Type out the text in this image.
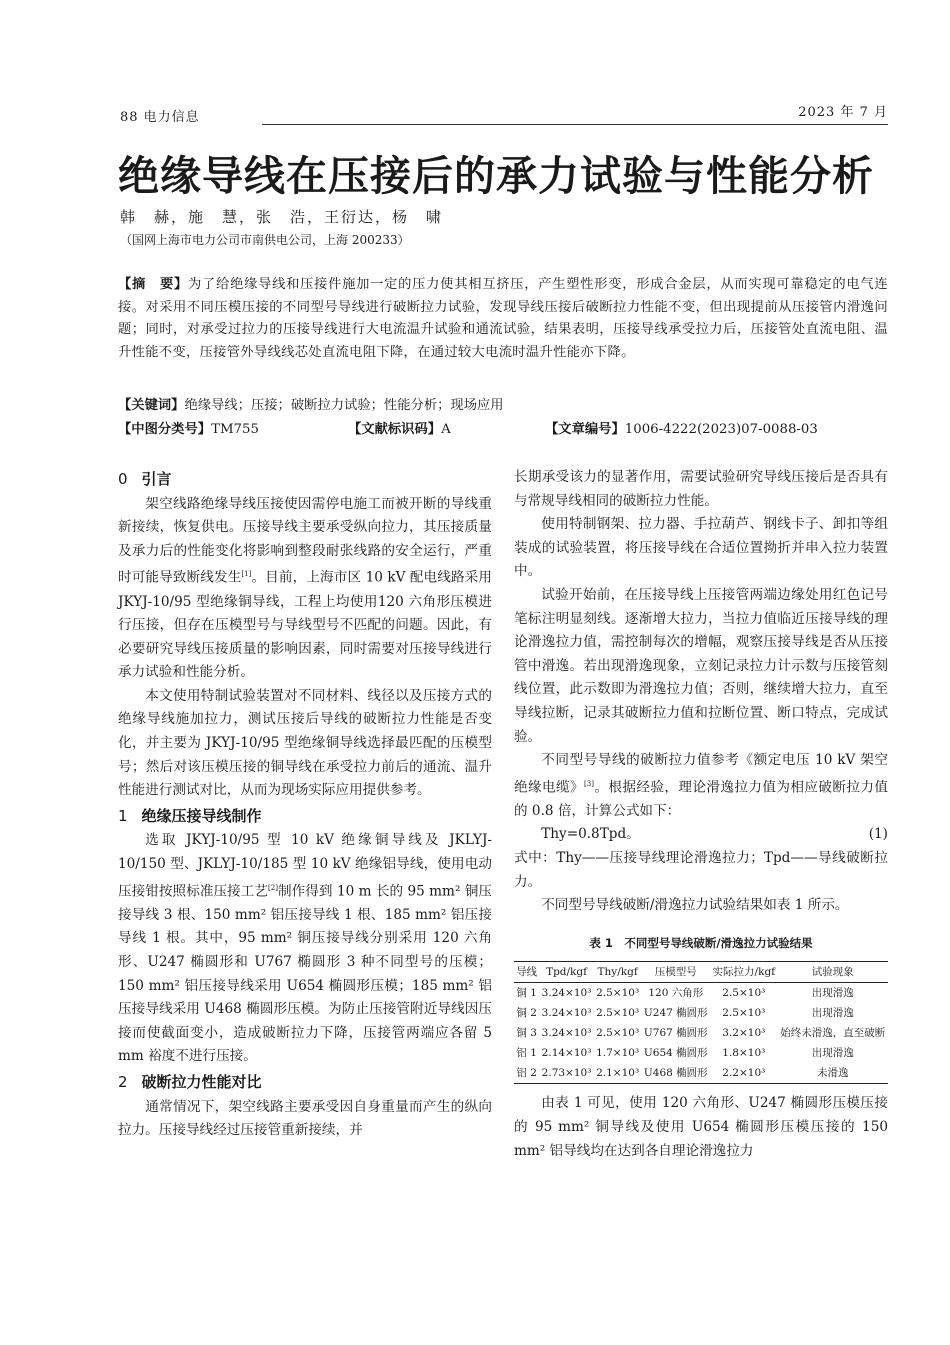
88 电力信息	2023 年 7 月
绝缘导线在压接后的承力试验与性能分析
韩　赫，施　慧，张　浩，王衍达，杨　啸
（国网上海市电力公司市南供电公司，上海 200233）
【摘　要】为了给绝缘导线和压接件施加一定的压力使其相互挤压，产生塑性形变，形成合金层，从而实现可靠稳定的电气连接。对采用不同压模压接的不同型号导线进行破断拉力试验，发现导线压接后破断拉力性能不变，但出现提前从压接管内滑逸问题；同时，对承受过拉力的压接导线进行大电流温升试验和通流试验，结果表明，压接导线承受拉力后，压接管处直流电阻、温升性能不变，压接管外导线线芯处直流电阻下降，在通过较大电流时温升性能亦下降。
【关键词】绝缘导线；压接；破断拉力试验；性能分析；现场应用
【中图分类号】TM755	【文献标识码】A	【文章编号】1006-4222(2023)07-0088-03
0 引言

架空线路绝缘导线压接使因需停电施工而被开断的导线重新接续，恢复供电。压接导线主要承受纵向拉力，其压接质量及承力后的性能变化将影响到整段耐张线路的安全运行，严重时可能导致断线发生[1]。目前，上海市区 10 kV 配电线路采用 JKYJ-10/95 型绝缘铜导线，工程上均使用120 六角形压模进行压接，但存在压模型号与导线型号不匹配的问题。因此，有必要研究导线压接质量的影响因素，同时需要对压接导线进行承力试验和性能分析。

本文使用特制试验装置对不同材料、线径以及压接方式的绝缘导线施加拉力，测试压接后导线的破断拉力性能是否变化，并主要为 JKYJ-10/95 型绝缘铜导线选择最匹配的压模型号；然后对该压模压接的铜导线在承受拉力前后的通流、温升性能进行测试对比，从而为现场实际应用提供参考。

1 绝缘压接导线制作

选取 JKYJ-10/95 型 10 kV 绝缘铜导线及 JKLYJ-10/150 型、JKLYJ-10/185 型 10 kV 绝缘铝导线，使用电动压接钳按照标准压接工艺[2]制作得到 10 m 长的 95 mm² 铜压接导线 3 根、150 mm² 铝压接导线 1 根、185 mm² 铝压接导线 1 根。其中，95 mm² 铜压接导线分别采用 120 六角形、U247 椭圆形和 U767 椭圆形 3 种不同型号的压模；150 mm² 铝压接导线采用 U654 椭圆形压模；185 mm² 铝压接导线采用 U468 椭圆形压模。为防止压接管附近导线因压接而使截面变小，造成破断拉力下降，压接管两端应各留 5 mm 裕度不进行压接。

2 破断拉力性能对比

通常情况下，架空线路主要承受因自身重量而产生的纵向拉力。压接导线经过压接管重新接续，并

长期承受该力的显著作用，需要试验研究导线压接后是否具有与常规导线相同的破断拉力性能。

使用特制钢架、拉力器、手拉葫芦、钢线卡子、卸扣等组装成的试验装置，将压接导线在合适位置拗折并串入拉力装置中。

试验开始前，在压接导线上压接管两端边缘处用红色记号笔标注明显刻线。逐渐增大拉力，当拉力值临近压接导线的理论滑逸拉力值，需控制每次的增幅，观察压接导线是否从压接管中滑逸。若出现滑逸现象，立刻记录拉力计示数与压接管刻线位置，此示数即为滑逸拉力值；否则，继续增大拉力，直至导线拉断，记录其破断拉力值和拉断位置、断口特点，完成试验。

不同型号导线的破断拉力值参考《额定电压 10 kV 架空绝缘电缆》[3]。根据经验，理论滑逸拉力值为相应破断拉力值的 0.8 倍，计算公式如下：

Thy=0.8Tpd。	(1)

式中：Thy——压接导线理论滑逸拉力；Tpd——导线破断拉力。

不同型号导线破断/滑逸拉力试验结果如表 1 所示。

表 1　不同型号导线破断/滑逸拉力试验结果
导线	Tpd/kgf	Thy/kgf	压模型号	实际拉力/kgf	试验现象
铜 1	3.24×10³	2.5×10³	120 六角形	2.5×10³	出现滑逸
铜 2	3.24×10³	2.5×10³	U247 椭圆形	2.5×10³	出现滑逸
铜 3	3.24×10³	2.5×10³	U767 椭圆形	3.2×10³	始终未滑逸，直至破断
铝 1	2.14×10³	1.7×10³	U654 椭圆形	1.8×10³	出现滑逸
铝 2	2.73×10³	2.1×10³	U468 椭圆形	2.2×10³	未滑逸

由表 1 可见，使用 120 六角形、U247 椭圆形压模压接的 95 mm² 铜导线及使用 U654 椭圆形压模压接的 150 mm² 铝导线均在达到各自理论滑逸拉力
